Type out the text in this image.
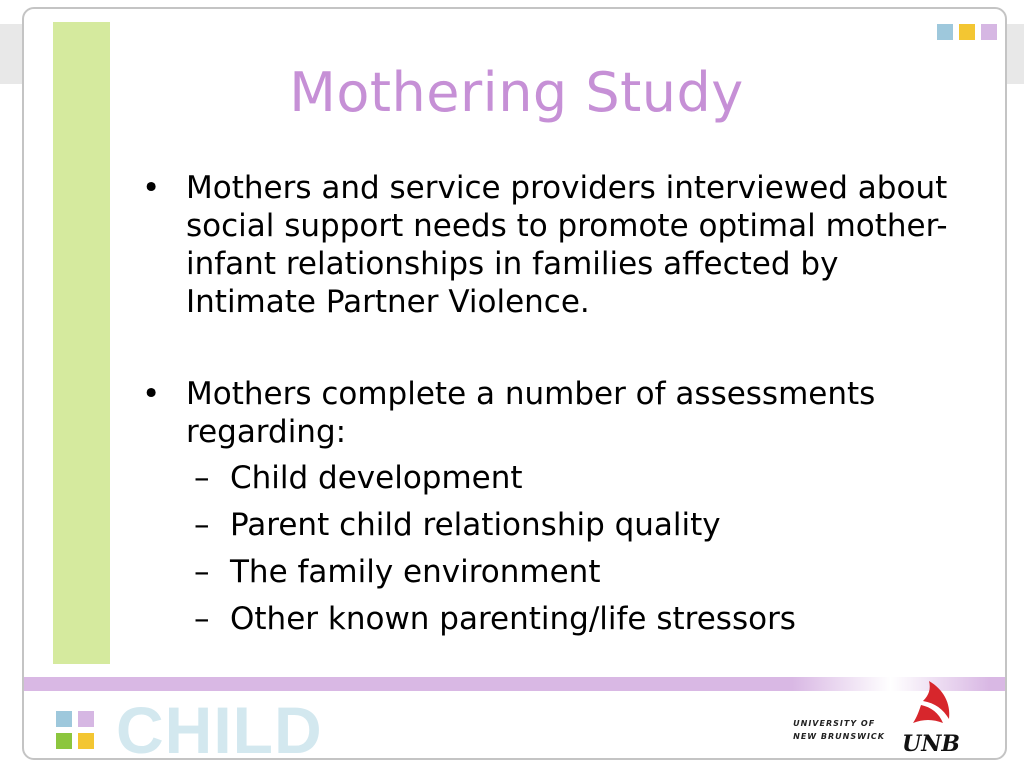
Mothering Study
• Mothers and service providers interviewed about social support needs to promote optimal mother-infant relationships in families affected by Intimate Partner Violence.
• Mothers complete a number of assessments regarding:
– Child development
– Parent child relationship quality
– The family environment
– Other known parenting/life stressors
CHILD	UNIVERSITY OF
NEW BRUNSWICK UNB
